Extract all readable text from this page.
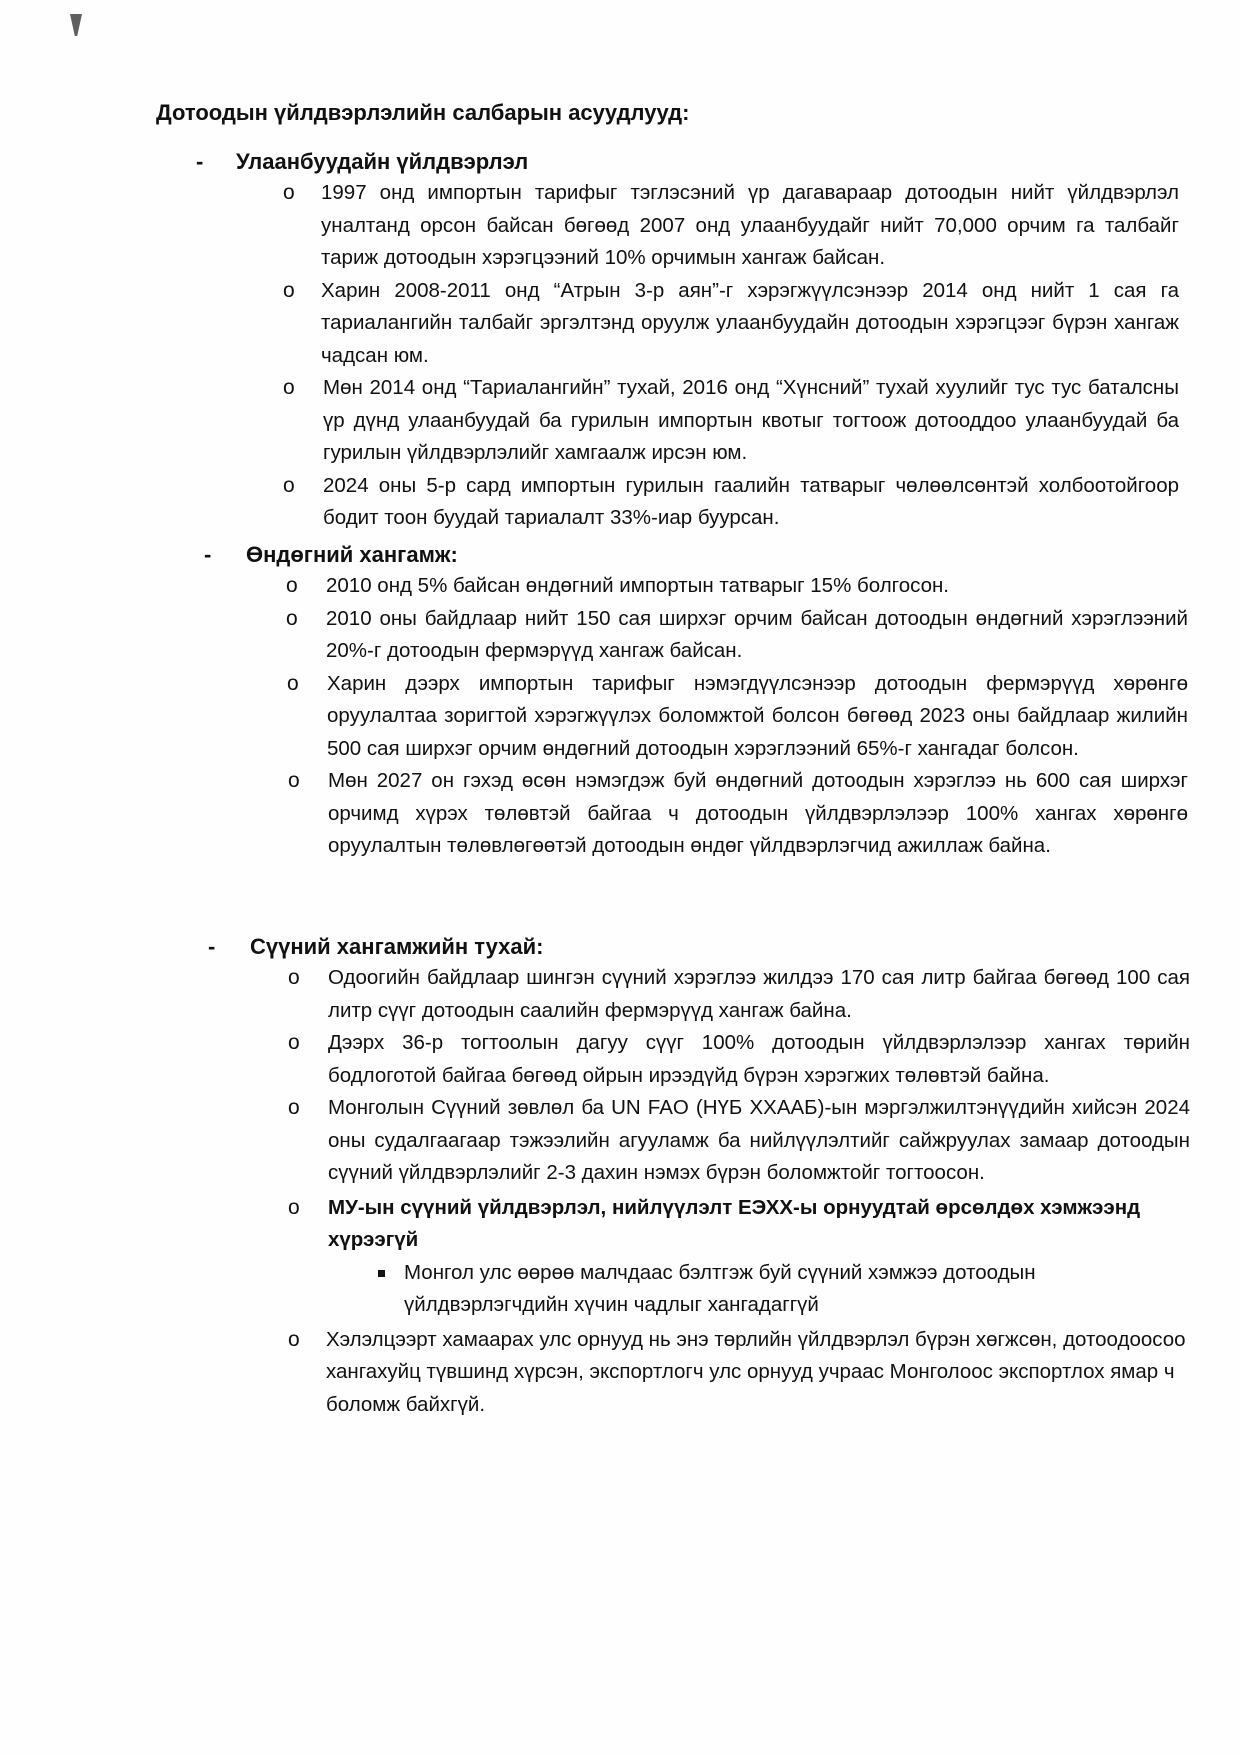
Дотоодын үйлдвэрлэлийн салбарын асуудлууд:
- Улаанбуудайн үйлдвэрлэл
o 1997 онд импортын тарифыг тэглэсэний үр дагавараар дотоодын нийт үйлдвэрлэл уналтанд орсон байсан бөгөөд 2007 онд улаанбуудайг нийт 70,000 орчим га талбайг тариж дотоодын хэрэгцээний 10% орчимын хангаж байсан.
o Харин 2008-2011 онд “Атрын 3-р аян”-г хэрэгжүүлсэнээр 2014 онд нийт 1 сая га тариалангийн талбайг эргэлтэнд оруулж улаанбуудайн дотоодын хэрэгцээг бүрэн хангаж чадсан юм.
o Мөн 2014 онд “Тариалангийн” тухай, 2016 онд “Хүнсний” тухай хуулийг тус тус баталсны үр дүнд улаанбуудай ба гурилын импортын квотыг тогтоож дотооддоо улаанбуудай ба гурилын үйлдвэрлэлийг хамгаалж ирсэн юм.
o 2024 оны 5-р сард импортын гурилын гаалийн татварыг чөлөөлсөнтэй холбоотойгоор бодит тоон буудай тариалалт 33%-иар буурсан.
- Өндөгний хангамж:
o 2010 онд 5% байсан өндөгний импортын татварыг 15% болгосон.
o 2010 оны байдлаар нийт 150 сая ширхэг орчим байсан дотоодын өндөгний хэрэглээний 20%-г дотоодын фермэрүүд хангаж байсан.
o Харин дээрх импортын тарифыг нэмэгдүүлсэнээр дотоодын фермэрүүд хөрөнгө оруулалтаа зоригтой хэрэгжүүлэх боломжтой болсон бөгөөд 2023 оны байдлаар жилийн 500 сая ширхэг орчим өндөгний дотоодын хэрэглээний 65%-г хангадаг болсон.
o Мөн 2027 он гэхэд өсөн нэмэгдэж буй өндөгний дотоодын хэрэглээ нь 600 сая ширхэг орчимд хүрэх төлөвтэй байгаа ч дотоодын үйлдвэрлэлээр 100% хангах хөрөнгө оруулалтын төлөвлөгөөтэй дотоодын өндөг үйлдвэрлэгчид ажиллаж байна.
- Сүүний хангамжийн тухай:
o Одоогийн байдлаар шингэн сүүний хэрэглээ жилдээ 170 сая литр байгаа бөгөөд 100 сая литр сүүг дотоодын саалийн фермэрүүд хангаж байна.
o Дээрх 36-р тогтоолын дагуу сүүг 100% дотоодын үйлдвэрлэлээр хангах төрийн бодлоготой байгаа бөгөөд ойрын ирээдүйд бүрэн хэрэгжих төлөвтэй байна.
o Монголын Сүүний зөвлөл ба UN FAO (НҮБ ХХААБ)-ын мэргэлжилтэнүүдийн хийсэн 2024 оны судалгаагаар тэжээлийн агууламж ба нийлүүлэлтийг сайжруулах замаар дотоодын сүүний үйлдвэрлэлийг 2-3 дахин нэмэх бүрэн боломжтойг тогтоосон.
o МУ-ын сүүний үйлдвэрлэл, нийлүүлэлт ЕЭХХ-ы орнуудтай өрсөлдөх хэмжээнд хүрээгүй
Монгол улс өөрөө малчдаас бэлтгэж буй сүүний хэмжээ дотоодын үйлдвэрлэгчдийн хүчин чадлыг хангадаггүй
o Хэлэлцээрт хамаарах улс орнууд нь энэ төрлийн үйлдвэрлэл бүрэн хөгжсөн, дотоодоосоо хангахуйц түвшинд хүрсэн, экспортлогч улс орнууд учраас Монголоос экспортлох ямар ч боломж байхгүй.
